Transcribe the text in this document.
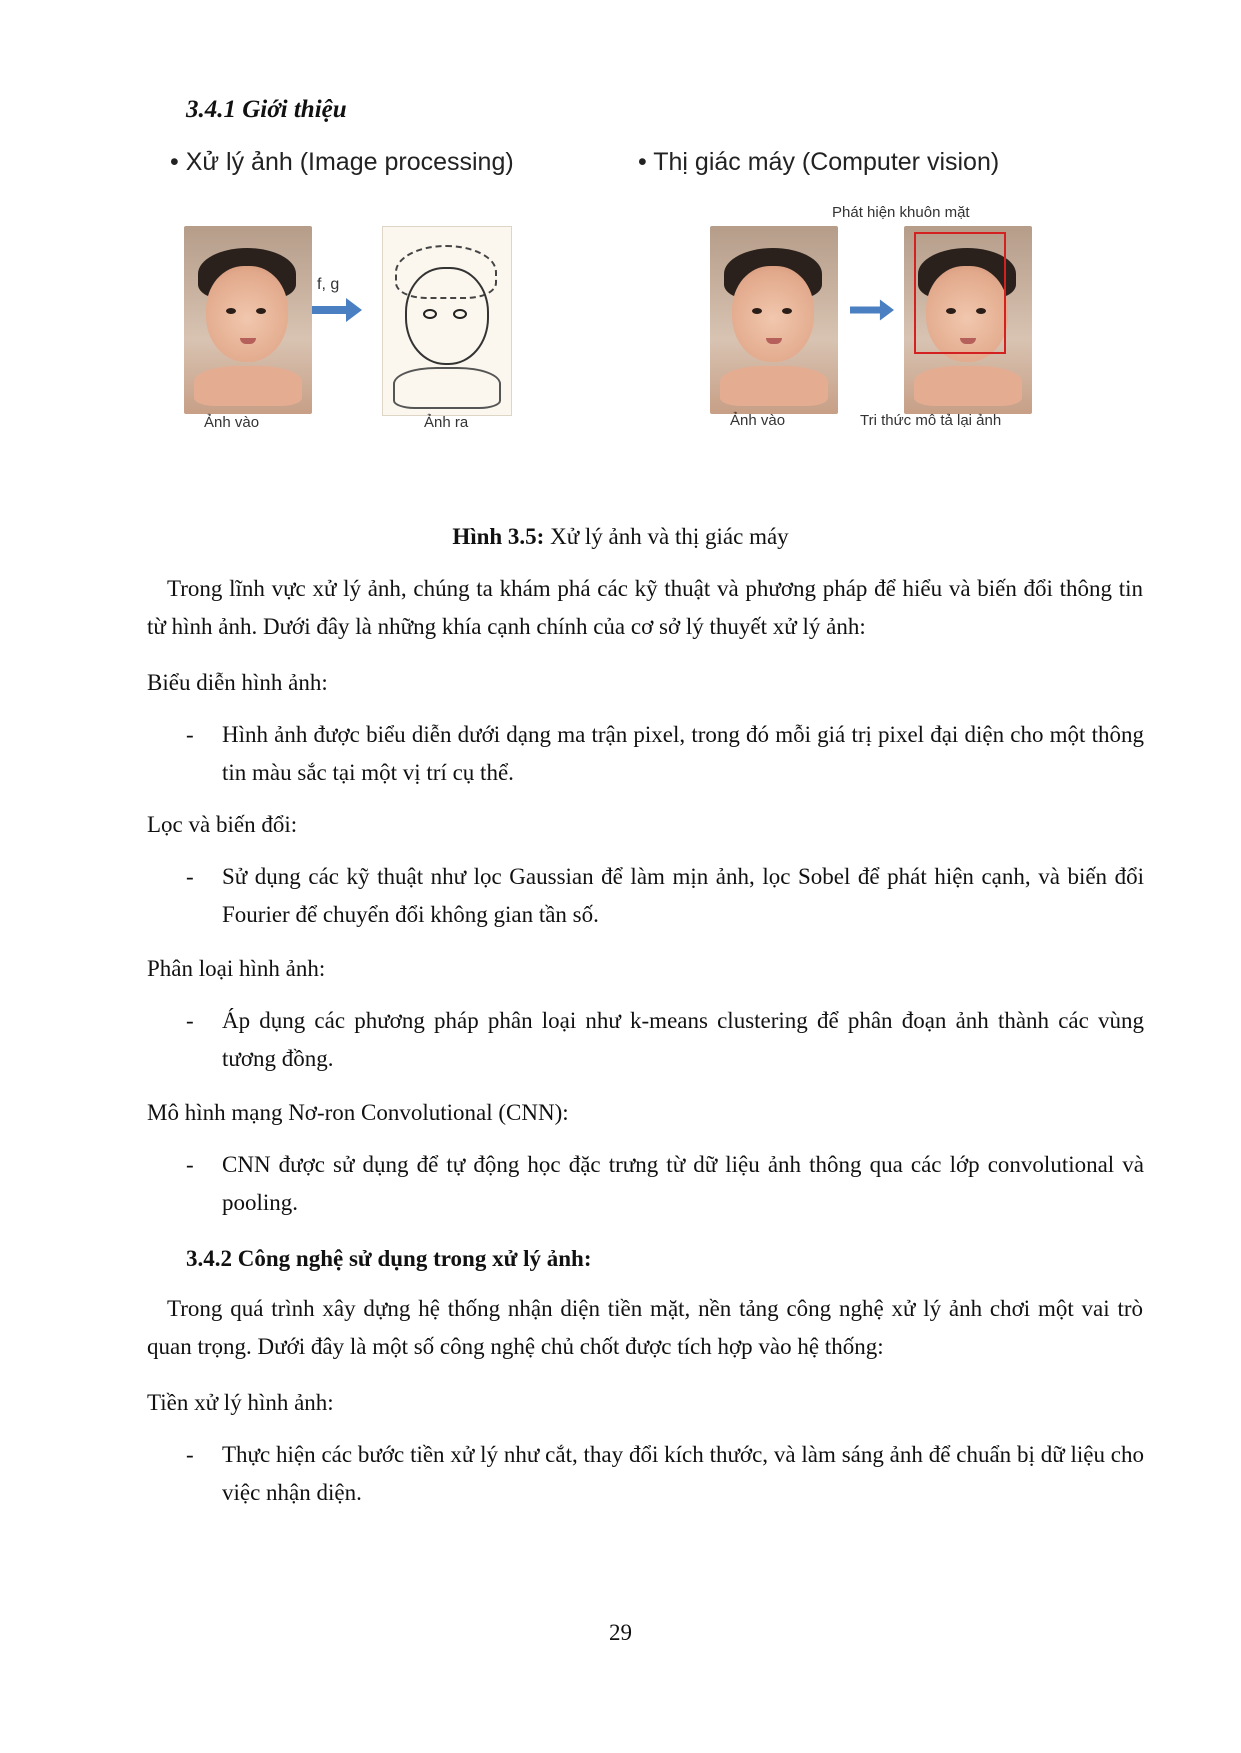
3.4.1 Giới thiệu
• Xử lý ảnh (Image processing)	• Thị giác máy (Computer vision)
f, g
Ảnh vào	Ảnh ra
Phát hiện khuôn mặt
Ảnh vào	Tri thức mô tả lại ảnh
Hình 3.5: Xử lý ảnh và thị giác máy
Trong lĩnh vực xử lý ảnh, chúng ta khám phá các kỹ thuật và phương pháp để hiểu và biến đổi thông tin từ hình ảnh. Dưới đây là những khía cạnh chính của cơ sở lý thuyết xử lý ảnh:
Biểu diễn hình ảnh:
- Hình ảnh được biểu diễn dưới dạng ma trận pixel, trong đó mỗi giá trị pixel đại diện cho một thông tin màu sắc tại một vị trí cụ thể.
Lọc và biến đổi:
- Sử dụng các kỹ thuật như lọc Gaussian để làm mịn ảnh, lọc Sobel để phát hiện cạnh, và biến đổi Fourier để chuyển đổi không gian tần số.
Phân loại hình ảnh:
- Áp dụng các phương pháp phân loại như k-means clustering để phân đoạn ảnh thành các vùng tương đồng.
Mô hình mạng Nơ-ron Convolutional (CNN):
- CNN được sử dụng để tự động học đặc trưng từ dữ liệu ảnh thông qua các lớp convolutional và pooling.
3.4.2 Công nghệ sử dụng trong xử lý ảnh:
Trong quá trình xây dựng hệ thống nhận diện tiền mặt, nền tảng công nghệ xử lý ảnh chơi một vai trò quan trọng. Dưới đây là một số công nghệ chủ chốt được tích hợp vào hệ thống:
Tiền xử lý hình ảnh:
- Thực hiện các bước tiền xử lý như cắt, thay đổi kích thước, và làm sáng ảnh để chuẩn bị dữ liệu cho việc nhận diện.
29
